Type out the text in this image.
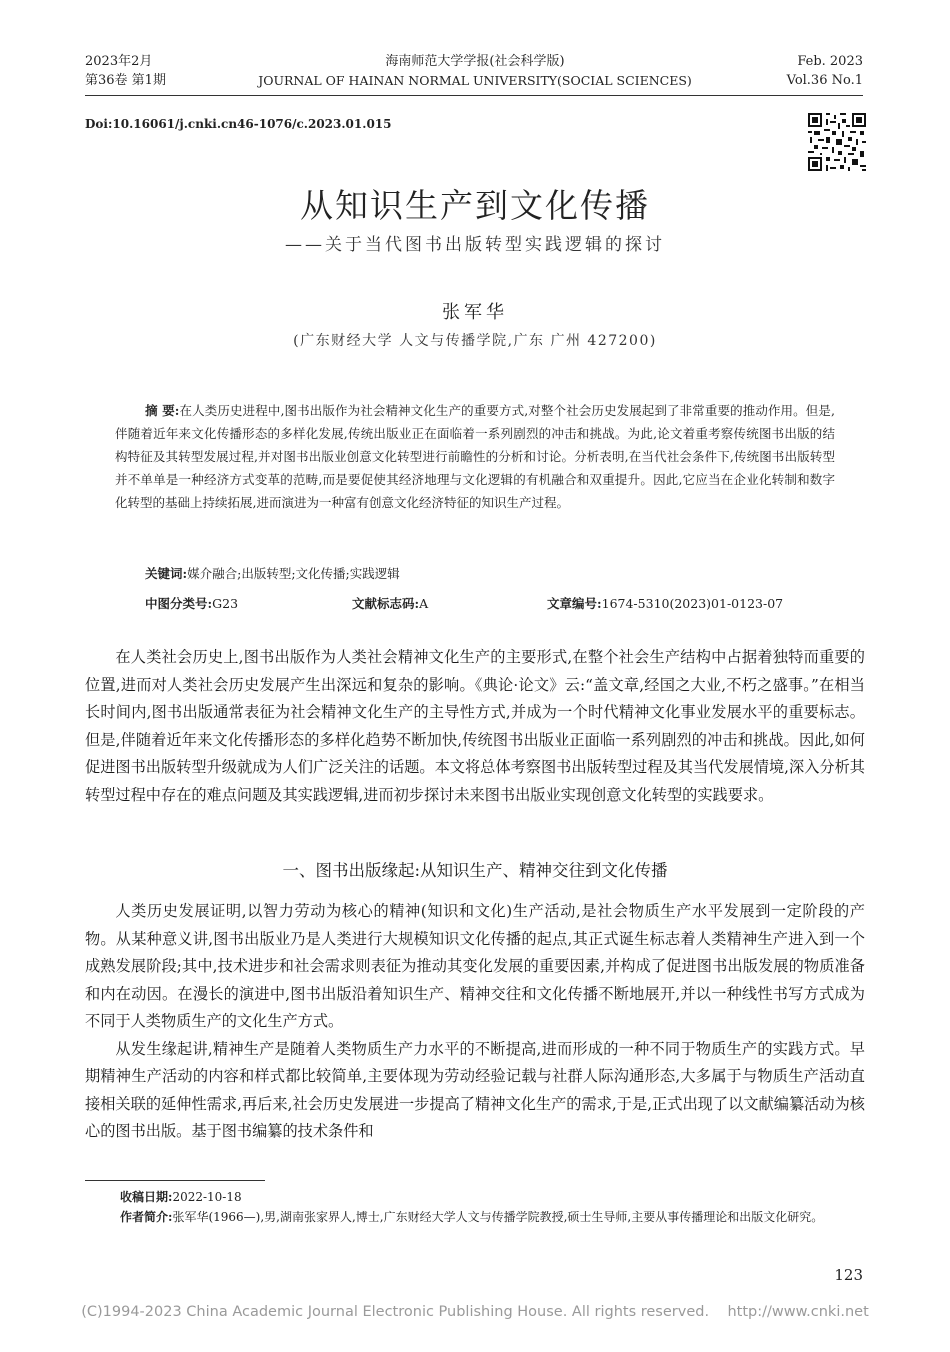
2023年2月
第36卷 第1期
海南师范大学学报(社会科学版)
JOURNAL OF HAINAN NORMAL UNIVERSITY(SOCIAL SCIENCES)
Feb. 2023
Vol.36 No.1
Doi:10.16061/j.cnki.cn46-1076/c.2023.01.015
从知识生产到文化传播
——关于当代图书出版转型实践逻辑的探讨
张军华
(广东财经大学 人文与传播学院,广东 广州 427200)
摘 要:在人类历史进程中,图书出版作为社会精神文化生产的重要方式,对整个社会历史发展起到了非常重要的推动作用。但是,伴随着近年来文化传播形态的多样化发展,传统出版业正在面临着一系列剧烈的冲击和挑战。为此,论文着重考察传统图书出版的结构特征及其转型发展过程,并对图书出版业创意文化转型进行前瞻性的分析和讨论。分析表明,在当代社会条件下,传统图书出版转型并不单单是一种经济方式变革的范畴,而是要促使其经济地理与文化逻辑的有机融合和双重提升。因此,它应当在企业化转制和数字化转型的基础上持续拓展,进而演进为一种富有创意文化经济特征的知识生产过程。
关键词:媒介融合;出版转型;文化传播;实践逻辑
中图分类号:G23	文献标志码:A	文章编号:1674-5310(2023)01-0123-07

在人类社会历史上,图书出版作为人类社会精神文化生产的主要形式,在整个社会生产结构中占据着独特而重要的位置,进而对人类社会历史发展产生出深远和复杂的影响。《典论·论文》云:“盖文章,经国之大业,不朽之盛事。”在相当长时间内,图书出版通常表征为社会精神文化生产的主导性方式,并成为一个时代精神文化事业发展水平的重要标志。但是,伴随着近年来文化传播形态的多样化趋势不断加快,传统图书出版业正面临一系列剧烈的冲击和挑战。因此,如何促进图书出版转型升级就成为人们广泛关注的话题。本文将总体考察图书出版转型过程及其当代发展情境,深入分析其转型过程中存在的难点问题及其实践逻辑,进而初步探讨未来图书出版业实现创意文化转型的实践要求。

一、图书出版缘起:从知识生产、精神交往到文化传播

人类历史发展证明,以智力劳动为核心的精神(知识和文化)生产活动,是社会物质生产水平发展到一定阶段的产物。从某种意义讲,图书出版业乃是人类进行大规模知识文化传播的起点,其正式诞生标志着人类精神生产进入到一个成熟发展阶段;其中,技术进步和社会需求则表征为推动其变化发展的重要因素,并构成了促进图书出版发展的物质准备和内在动因。在漫长的演进中,图书出版沿着知识生产、精神交往和文化传播不断地展开,并以一种线性书写方式成为不同于人类物质生产的文化生产方式。

从发生缘起讲,精神生产是随着人类物质生产力水平的不断提高,进而形成的一种不同于物质生产的实践方式。早期精神生产活动的内容和样式都比较简单,主要体现为劳动经验记载与社群人际沟通形态,大多属于与物质生产活动直接相关联的延伸性需求,再后来,社会历史发展进一步提高了精神文化生产的需求,于是,正式出现了以文献编纂活动为核心的图书出版。基于图书编纂的技术条件和

收稿日期:2022-10-18
作者简介:张军华(1966—),男,湖南张家界人,博士,广东财经大学人文与传播学院教授,硕士生导师,主要从事传播理论和出版文化研究。
123
(C)1994-2023 China Academic Journal Electronic Publishing House. All rights reserved.    http://www.cnki.net
